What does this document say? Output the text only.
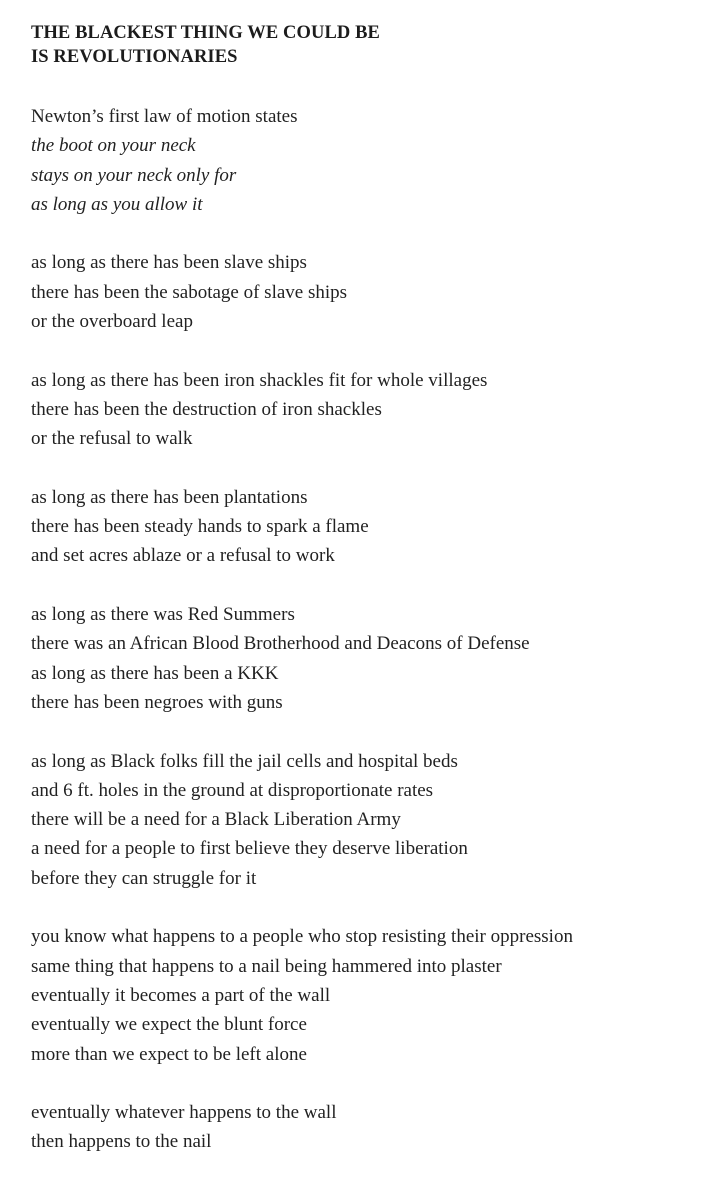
THE BLACKEST THING WE COULD BE
IS REVOLUTIONARIES

Newton’s first law of motion states
the boot on your neck
stays on your neck only for
as long as you allow it

as long as there has been slave ships
there has been the sabotage of slave ships
or the overboard leap

as long as there has been iron shackles fit for whole villages
there has been the destruction of iron shackles
or the refusal to walk

as long as there has been plantations
there has been steady hands to spark a flame
and set acres ablaze or a refusal to work

as long as there was Red Summers
there was an African Blood Brotherhood and Deacons of Defense
as long as there has been a KKK
there has been negroes with guns

as long as Black folks fill the jail cells and hospital beds
and 6 ft. holes in the ground at disproportionate rates
there will be a need for a Black Liberation Army
a need for a people to first believe they deserve liberation
before they can struggle for it

you know what happens to a people who stop resisting their oppression
same thing that happens to a nail being hammered into plaster
eventually it becomes a part of the wall
eventually we expect the blunt force
more than we expect to be left alone

eventually whatever happens to the wall
then happens to the nail
